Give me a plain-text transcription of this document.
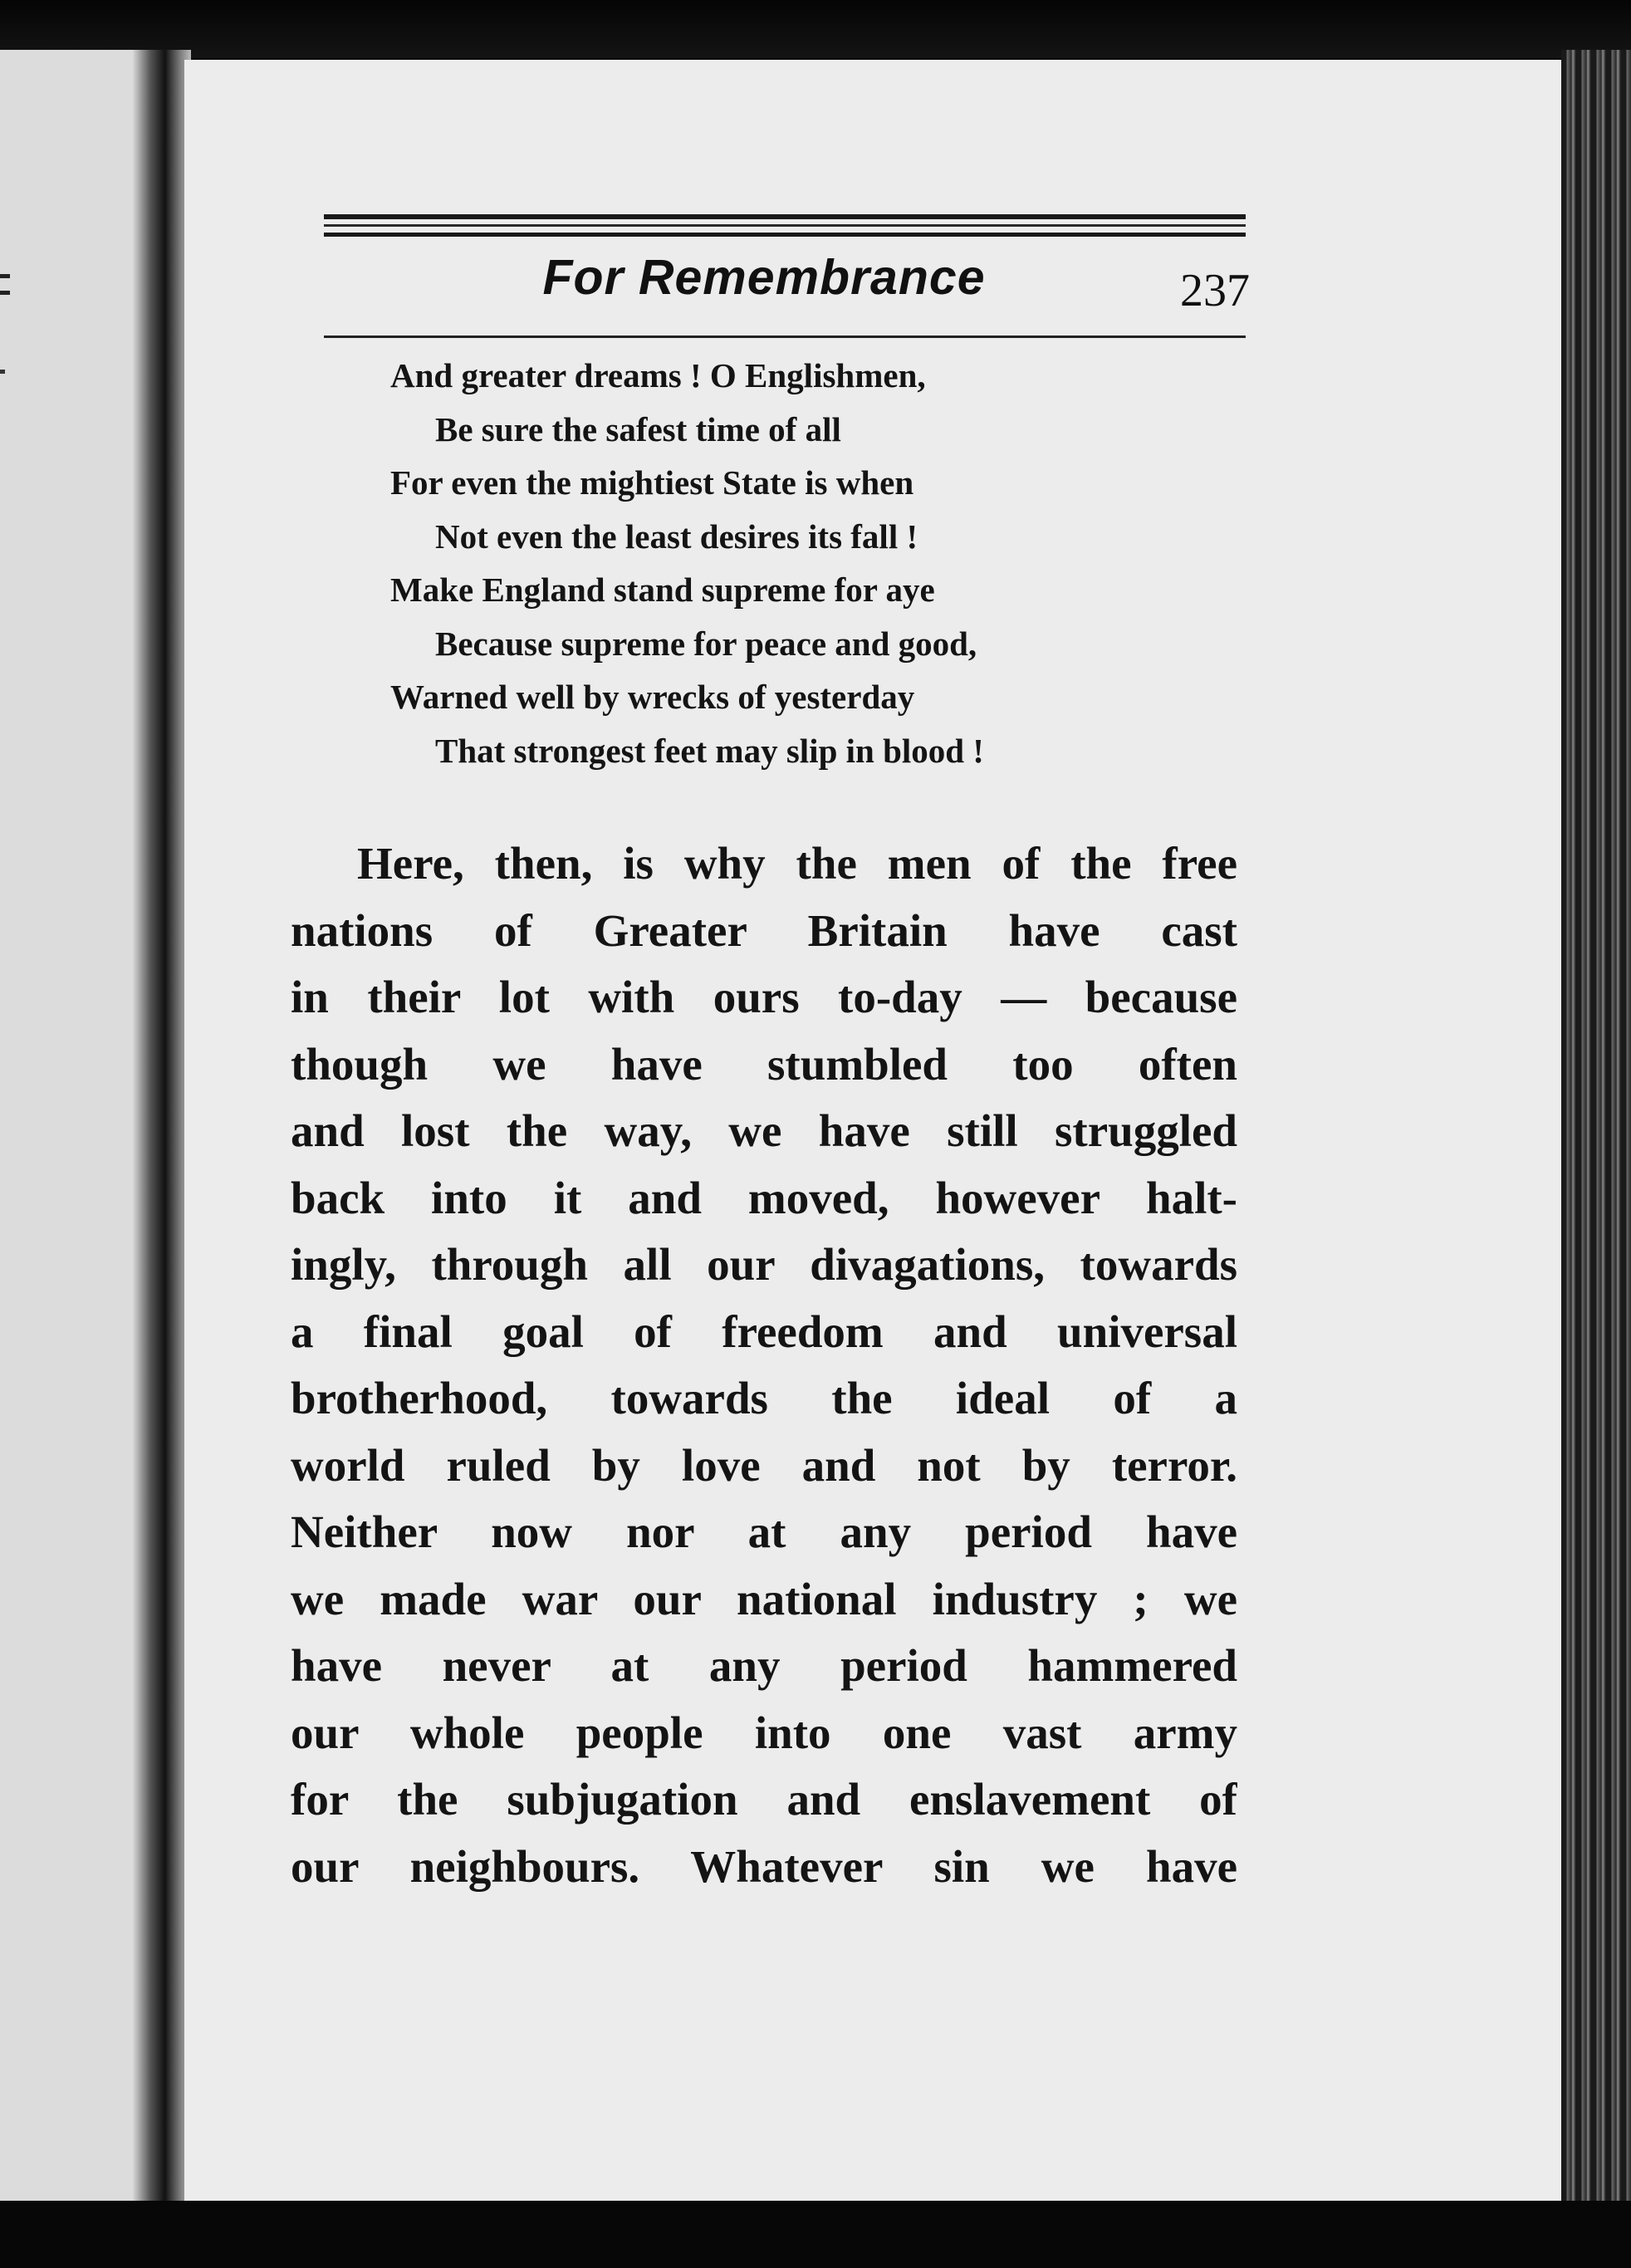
For Remembrance	237
And greater dreams ! O Englishmen,
Be sure the safest time of all
For even the mightiest State is when
Not even the least desires its fall !
Make England stand supreme for aye
Because supreme for peace and good,
Warned well by wrecks of yesterday
That strongest feet may slip in blood !
Here, then, is why the men of the free
nations of Greater Britain have cast
in their lot with ours to-day — because
though we have stumbled too often
and lost the way, we have still struggled
back into it and moved, however halt-
ingly, through all our divagations, towards
a final goal of freedom and universal
brotherhood, towards the ideal of a
world ruled by love and not by terror.
Neither now nor at any period have
we made war our national industry ; we
have never at any period hammered
our whole people into one vast army
for the subjugation and enslavement of
our neighbours. Whatever sin we have
